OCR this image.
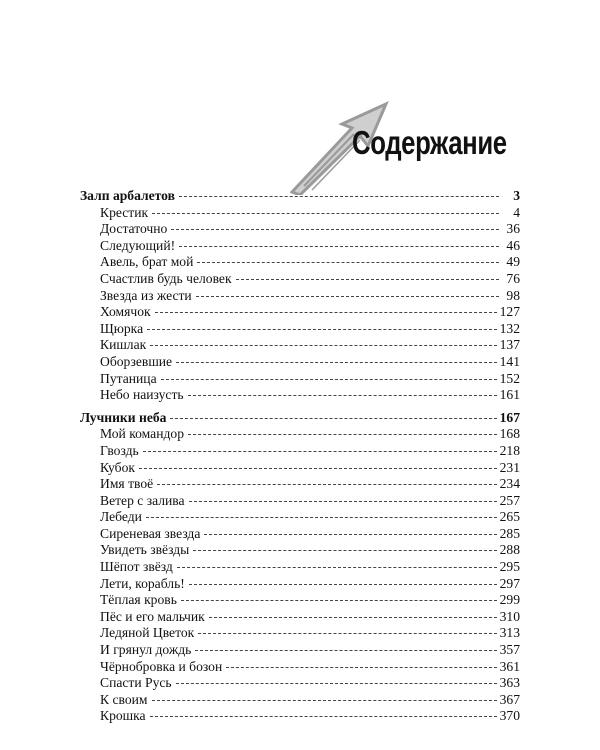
Содержание
Залп арбалетов	3
Крестик	4
Достаточно	36
Следующий!	46
Авель, брат мой	49
Счастлив будь человек	76
Звезда из жести	98
Хомячок	127
Щюрка	132
Кишлак	137
Оборзевшие	141
Путаница	152
Небо наизусть	161
Лучники неба	167
Мой командор	168
Гвоздь	218
Кубок	231
Имя твоё	234
Ветер с залива	257
Лебеди	265
Сиреневая звезда	285
Увидеть звёзды	288
Шёпот звёзд	295
Лети, корабль!	297
Тёплая кровь	299
Пёс и его мальчик	310
Ледяной Цветок	313
И грянул дождь	357
Чёрнобровка и бозон	361
Спасти Русь	363
К своим	367
Крошка	370
